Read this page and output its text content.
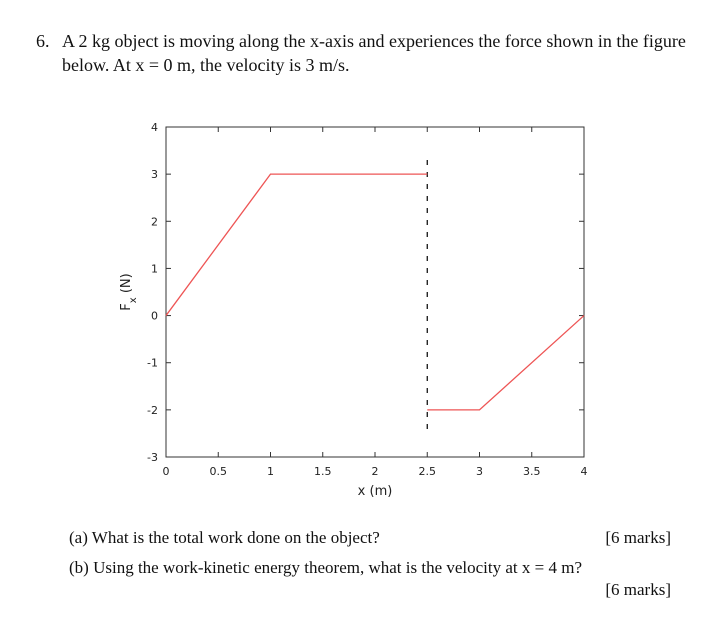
6. A 2 kg object is moving along the x-axis and experiences the force shown in the figure
below. At x = 0 m, the velocity is 3 m/s.
0	0.5	1	1.5	2	2.5	3	3.5	4
4
3
2
1
0
-1
-2
-3
x (m)
$F_x$ (N)
(a) What is the total work done on the object?	[6 marks]
(b) Using the work-kinetic energy theorem, what is the velocity at x = 4 m?
[6 marks]
